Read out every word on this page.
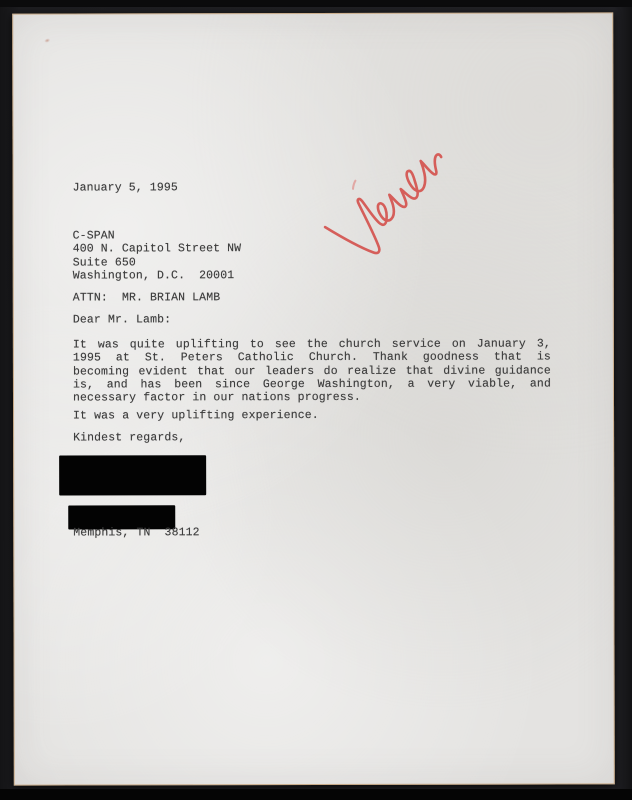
January 5, 1995
C-SPAN
400 N. Capitol Street NW
Suite 650
Washington, D.C.  20001
ATTN:  MR. BRIAN LAMB
Dear Mr. Lamb:
It was quite uplifting to see the church service on January 3,
1995 at St. Peters Catholic Church. Thank goodness that is
becoming evident that our leaders do realize that divine guidance
is, and has been since George Washington, a very viable, and
necessary factor in our nations progress.
It was a very uplifting experience.
Kindest regards,
Memphis, TN  38112
